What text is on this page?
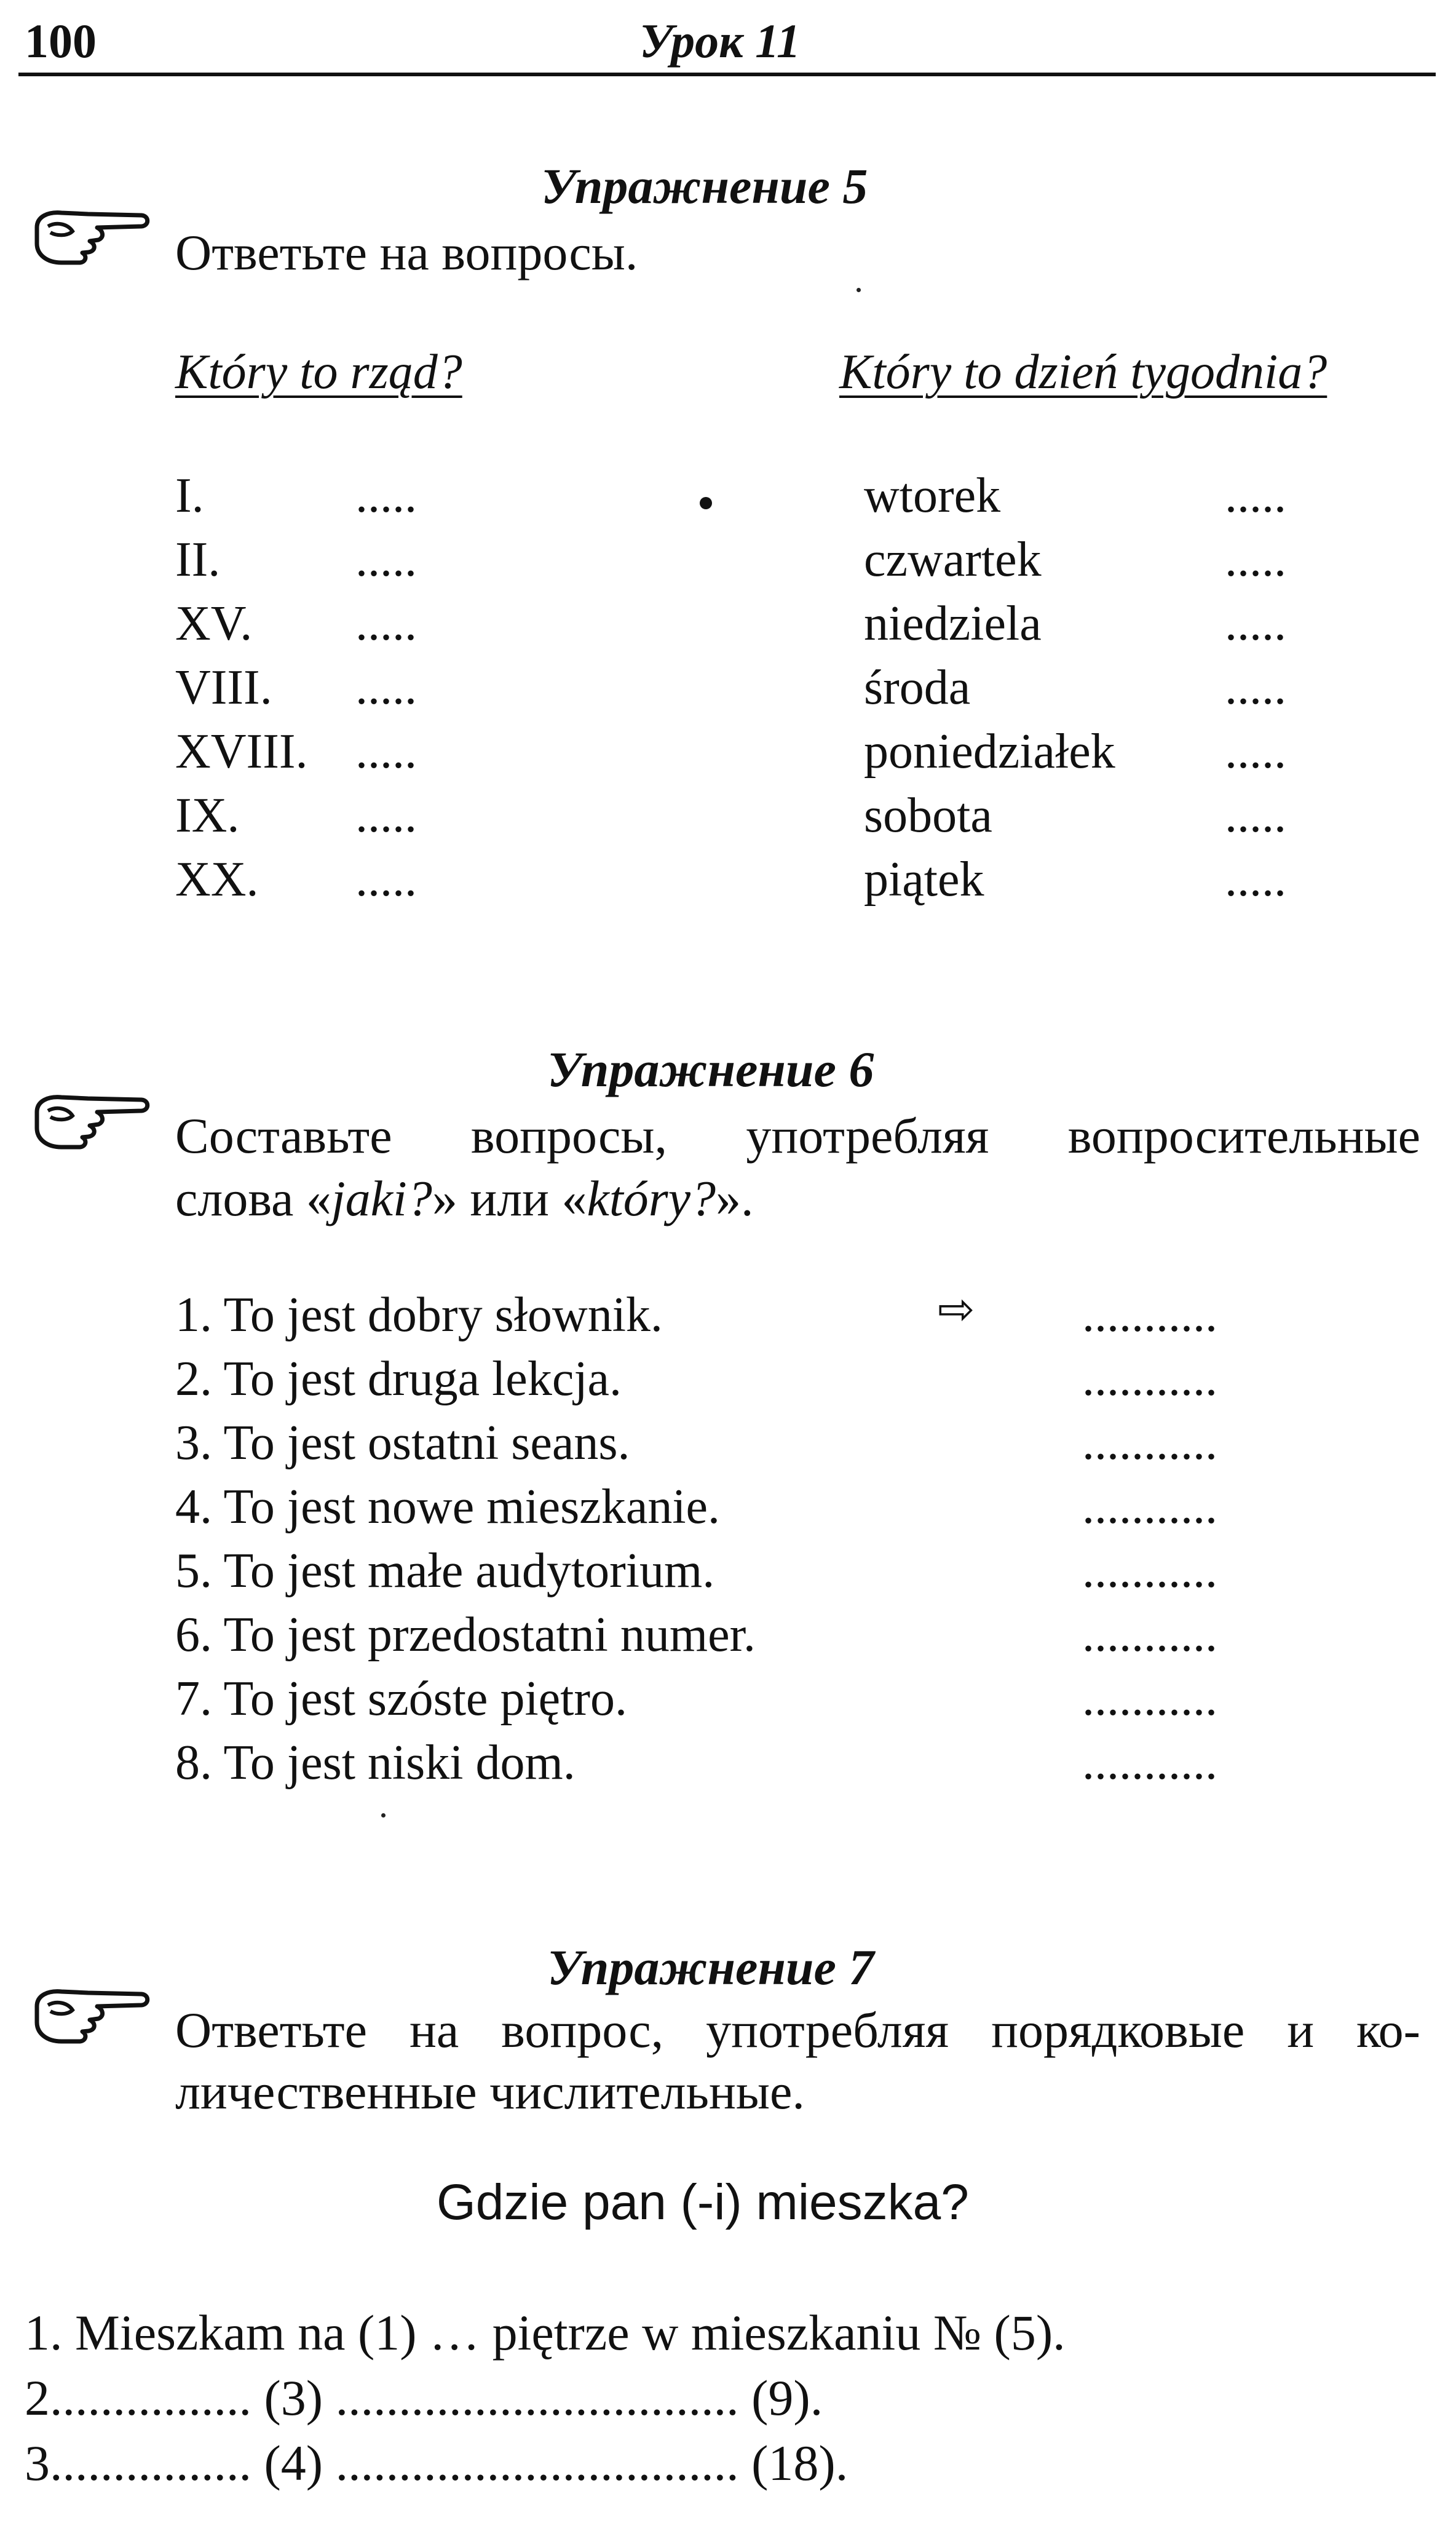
100	Урок 11
Упражнение 5
Ответьте на вопросы.
Który to rząd?	Który to dzień tygodnia?
I.	.....	wtorek	.....
II.	.....	czwartek	.....
XV. .....	niedziela	.....
VIII. .....	środa	.....
XVIII. .....	poniedziałek .....
IX. .....	sobota	.....
XX. .....	piątek	.....
Упражнение 6
Составьте вопросы, употребляя вопросительные
слова «jaki?» или «który?».
⇨
1. To jest dobry słownik.	...........
2. To jest druga lekcja.	...........
3. To jest ostatni seans.	...........
4. To jest nowe mieszkanie.	...........
5. To jest małe audytorium.	...........
6. To jest przedostatni numer.	...........
7. To jest szóste piętro.	...........
8. To jest niski dom.	...........
Упражнение 7
Ответьте на вопрос, употребляя порядковые и ко-
личественные числительные.
Gdzie pan (-i) mieszka?
1. Mieszkam na (1) … piętrze w mieszkaniu № (5).
2................ (3) ................................ (9).
3................ (4) ................................ (18).
